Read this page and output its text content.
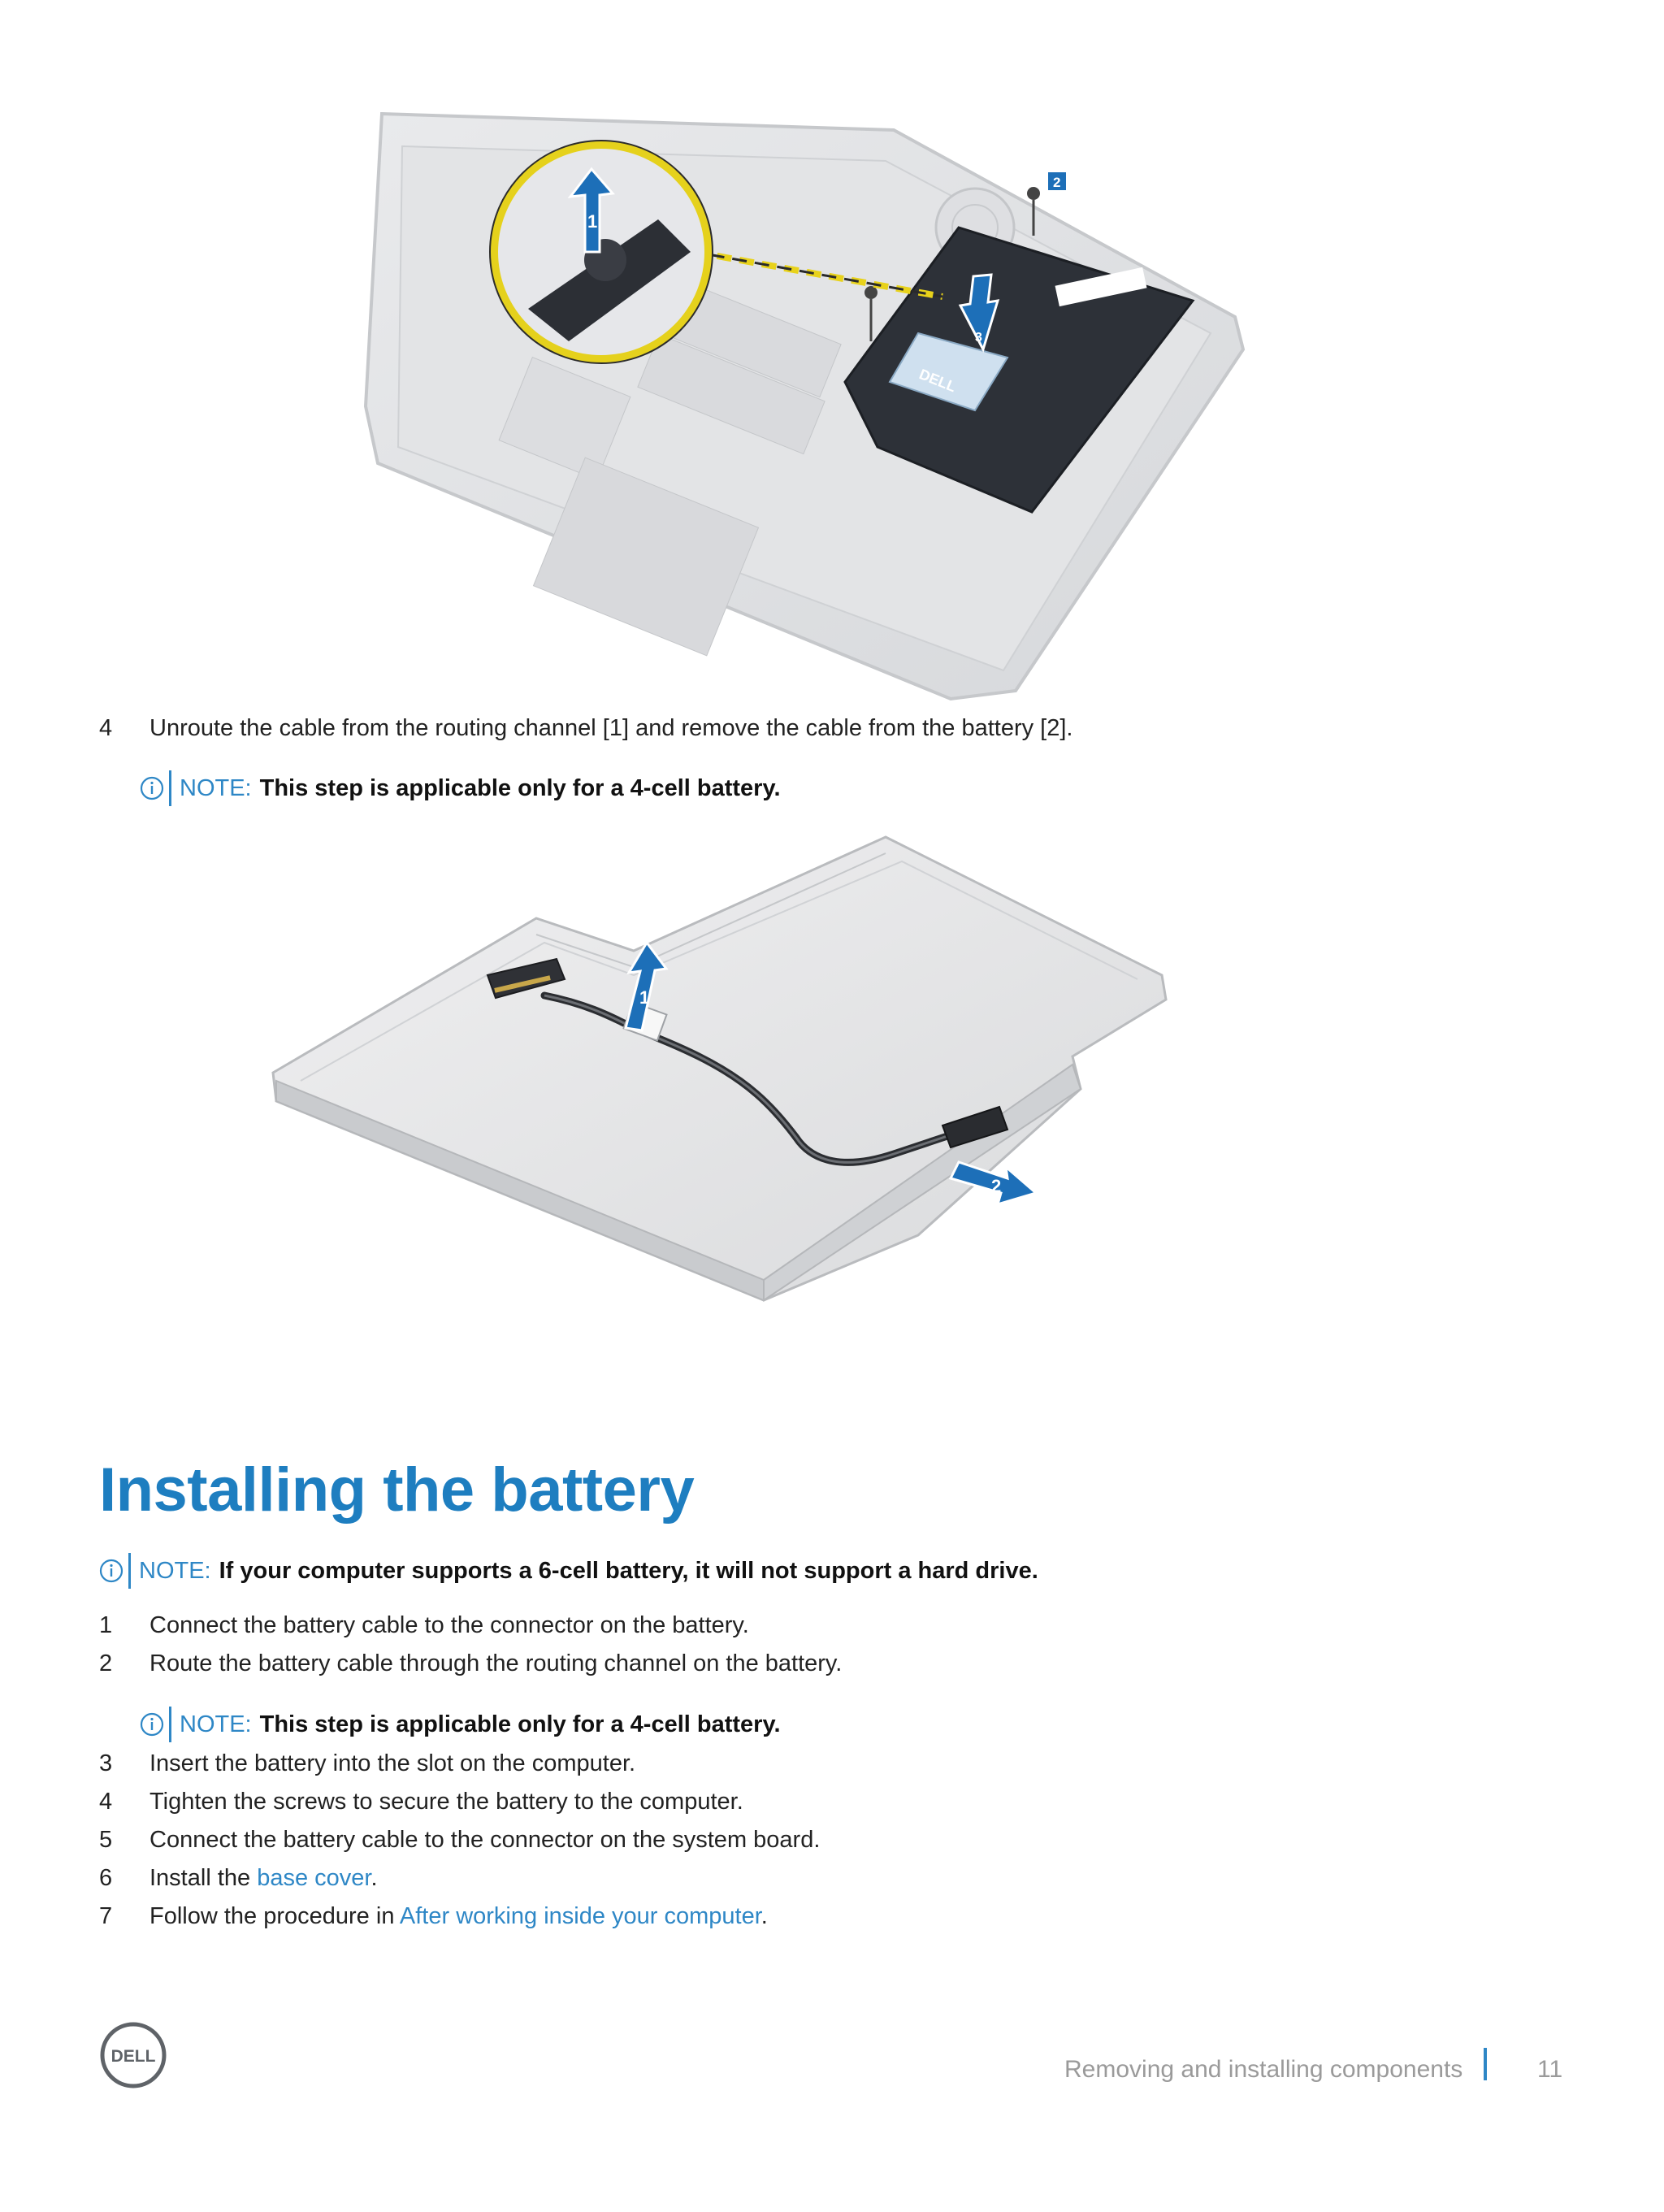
DELL
2
3
1
4	Unroute the cable from the routing channel [1] and remove the cable from the battery [2].
NOTE: This step is applicable only for a 4-cell battery.
1
2
Installing the battery
NOTE: If your computer supports a 6-cell battery, it will not support a hard drive.
1	Connect the battery cable to the connector on the battery.
2	Route the battery cable through the routing channel on the battery.
NOTE: This step is applicable only for a 4-cell battery.
3	Insert the battery into the slot on the computer.
4	Tighten the screws to secure the battery to the computer.
5	Connect the battery cable to the connector on the system board.
6	Install the base cover.
7	Follow the procedure in After working inside your computer.
DELL	Removing and installing components	11
